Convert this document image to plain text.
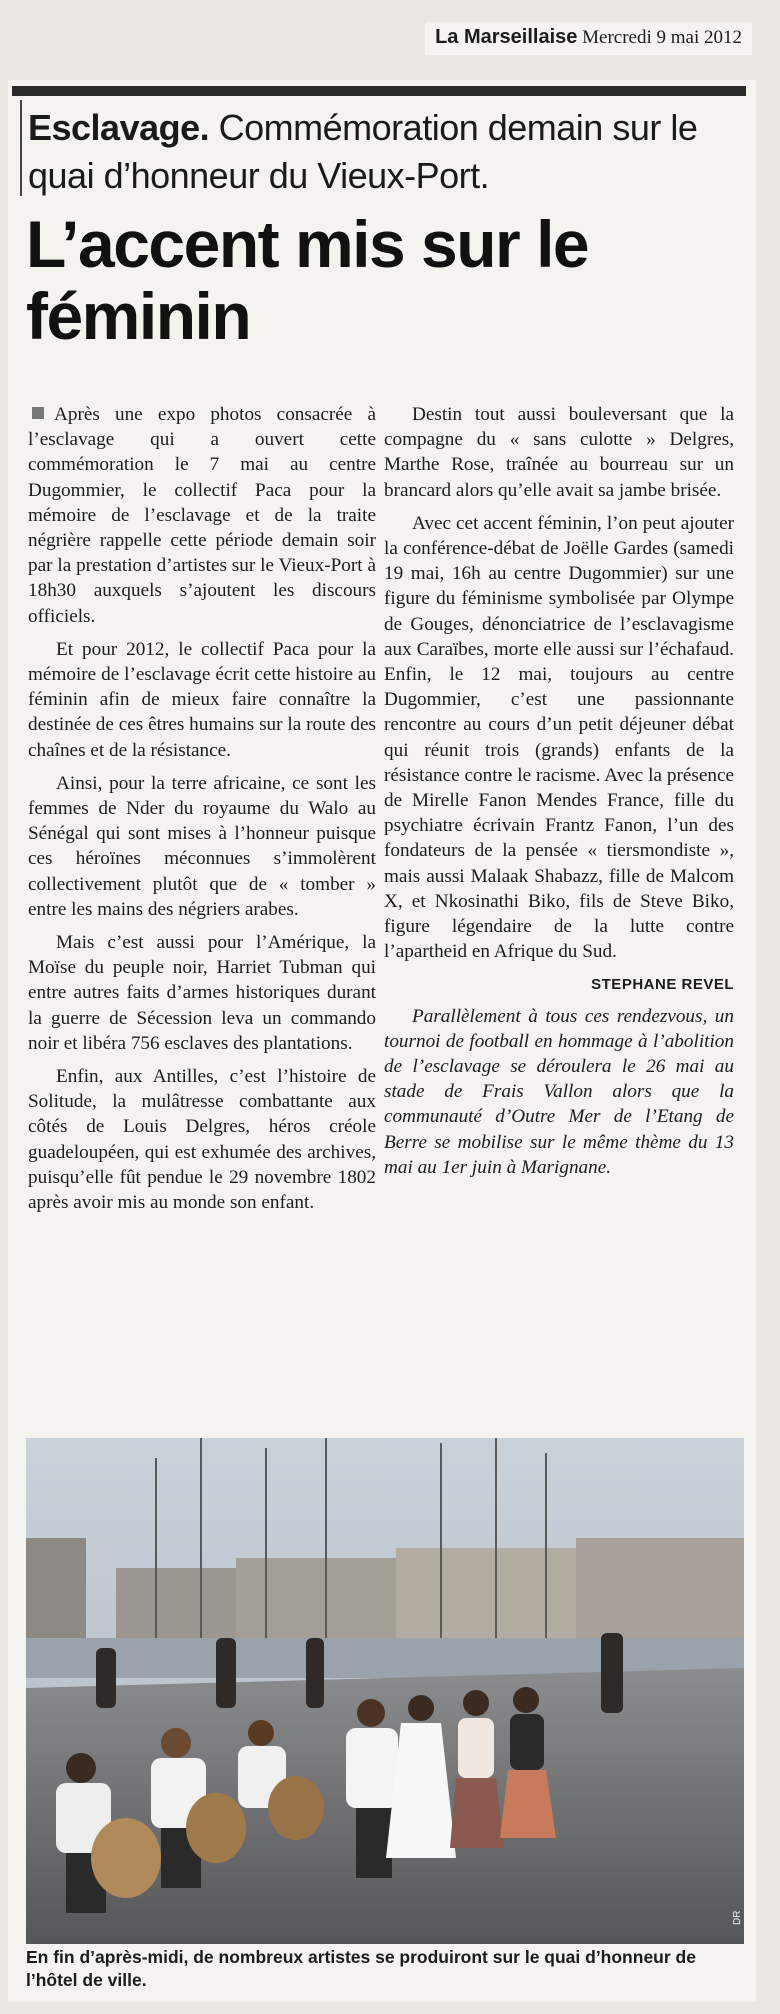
La Marseillaise Mercredi 9 mai 2012
Esclavage. Commémoration demain sur le quai d’honneur du Vieux-Port.
L’accent mis sur le féminin

Après une expo photos consacrée à l’esclavage qui a ouvert cette commémoration le 7 mai au centre Dugommier, le collectif Paca pour la mémoire de l’esclavage et de la traite négrière rappelle cette période demain soir par la prestation d’artistes sur le Vieux-Port à 18h30 auxquels s’ajoutent les discours officiels.

Et pour 2012, le collectif Paca pour la mémoire de l’esclavage écrit cette histoire au féminin afin de mieux faire connaître la destinée de ces êtres humains sur la route des chaînes et de la résistance.

Ainsi, pour la terre africaine, ce sont les femmes de Nder du royaume du Walo au Sénégal qui sont mises à l’honneur puisque ces héroïnes méconnues s’immolèrent collectivement plutôt que de « tomber » entre les mains des négriers arabes.

Mais c’est aussi pour l’Amérique, la Moïse du peuple noir, Harriet Tubman qui entre autres faits d’armes historiques durant la guerre de Sécession leva un commando noir et libéra 756 esclaves des plantations.

Enfin, aux Antilles, c’est l’histoire de Solitude, la mulâtresse combattante aux côtés de Louis Delgres, héros créole guadeloupéen, qui est exhumée des archives, puisqu’elle fût pendue le 29 novembre 1802 après avoir mis au monde son enfant.

Destin tout aussi bouleversant que la compagne du « sans culotte » Delgres, Marthe Rose, traînée au bourreau sur un brancard alors qu’elle avait sa jambe brisée.

Avec cet accent féminin, l’on peut ajouter la conférence-débat de Joëlle Gardes (samedi 19 mai, 16h au centre Dugommier) sur une figure du féminisme symbolisée par Olympe de Gouges, dénonciatrice de l’esclavagisme aux Caraïbes, morte elle aussi sur l’échafaud. Enfin, le 12 mai, toujours au centre Dugommier, c’est une passionnante rencontre au cours d’un petit déjeuner débat qui réunit trois (grands) enfants de la résistance contre le racisme. Avec la présence de Mirelle Fanon Mendes France, fille du psychiatre écrivain Frantz Fanon, l’un des fondateurs de la pensée « tiersmondiste », mais aussi Malaak Shabazz, fille de Malcom X, et Nkosinathi Biko, fils de Steve Biko, figure légendaire de la lutte contre l’apartheid en Afrique du Sud.

STEPHANE REVEL

Parallèlement à tous ces rendezvous, un tournoi de football en hommage à l’abolition de l’esclavage se déroulera le 26 mai au stade de Frais Vallon alors que la communauté d’Outre Mer de l’Etang de Berre se mobilise sur le même thème du 13 mai au 1er juin à Marignane.

DR
En fin d’après-midi, de nombreux artistes se produiront sur le quai d’honneur de l’hôtel de ville.
